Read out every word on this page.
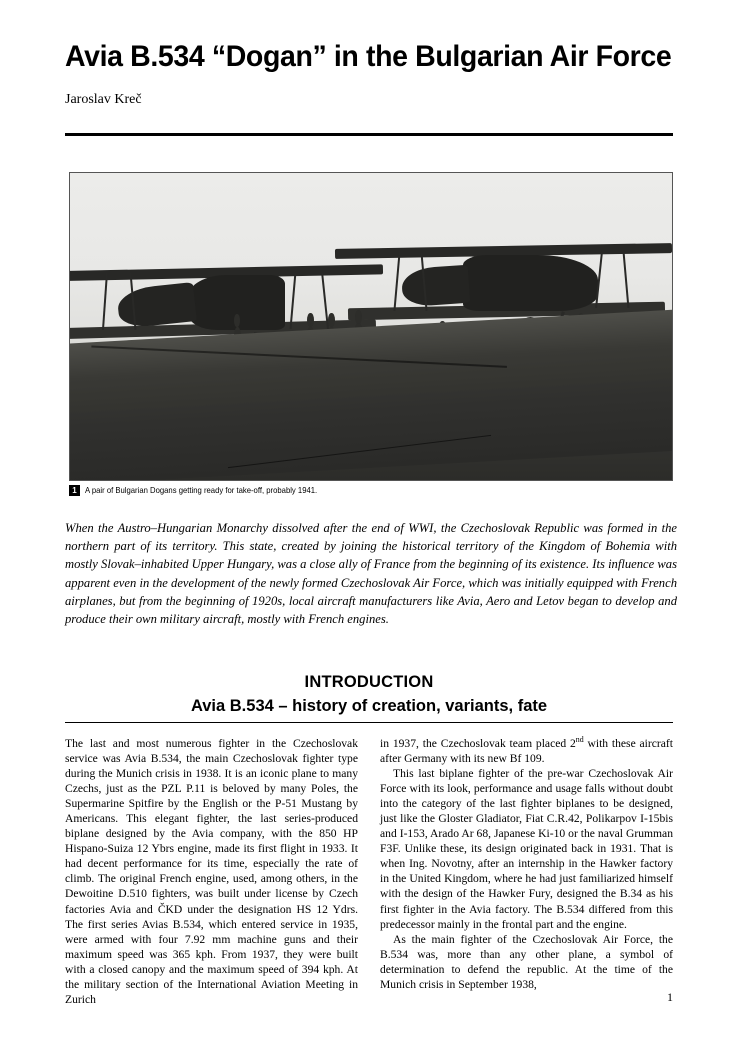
Avia B.534 “Dogan” in the Bulgarian Air Force
Jaroslav Kreč
1	A pair of Bulgarian Dogans getting ready for take-off, probably 1941.
When the Austro–Hungarian Monarchy dissolved after the end of WWI, the Czechoslovak Republic was formed in the northern part of its territory. This state, created by joining the historical territory of the Kingdom of Bohemia with mostly Slovak–inhabited Upper Hungary, was a close ally of France from the beginning of its existence. Its influence was apparent even in the development of the newly formed Czechoslovak Air Force, which was initially equipped with French airplanes, but from the beginning of 1920s, local aircraft manufacturers like Avia, Aero and Letov began to develop and produce their own military aircraft, mostly with French engines.
INTRODUCTION
Avia B.534 – history of creation, variants, fate

The last and most numerous fighter in the Czechoslovak service was Avia B.534, the main Czechoslovak fighter type during the Munich crisis in 1938. It is an iconic plane to many Czechs, just as the PZL P.11 is beloved by many Poles, the Supermarine Spitfire by the English or the P-51 Mustang by Americans. This elegant fighter, the last series-produced biplane designed by the Avia company, with the 850 HP Hispano-Suiza 12 Ybrs engine, made its first flight in 1933. It had decent performance for its time, especially the rate of climb. The original French engine, used, among others, in the Dewoitine D.510 fighters, was built under license by Czech factories Avia and ČKD under the designation HS 12 Ydrs. The first series Avias B.534, which entered service in 1935, were armed with four 7.92 mm machine guns and their maximum speed was 365 kph. From 1937, they were built with a closed canopy and the maximum speed of 394 kph. At the military section of the International Aviation Meeting in Zurich

in 1937, the Czechoslovak team placed 2nd with these aircraft after Germany with its new Bf 109.

This last biplane fighter of the pre-war Czechoslovak Air Force with its look, performance and usage falls without doubt into the category of the last fighter biplanes to be designed, just like the Gloster Gladiator, Fiat C.R.42, Polikarpov I-15bis and I-153, Arado Ar 68, Japanese Ki-10 or the naval Grumman F3F. Unlike these, its design originated back in 1931. That is when Ing. Novotny, after an internship in the Hawker factory in the United Kingdom, where he had just familiarized himself with the design of the Hawker Fury, designed the B.34 as his first fighter in the Avia factory. The B.534 differed from this predecessor mainly in the frontal part and the engine.

As the main fighter of the Czechoslovak Air Force, the B.534 was, more than any other plane, a symbol of determination to defend the republic. At the time of the Munich crisis in September 1938,

1
